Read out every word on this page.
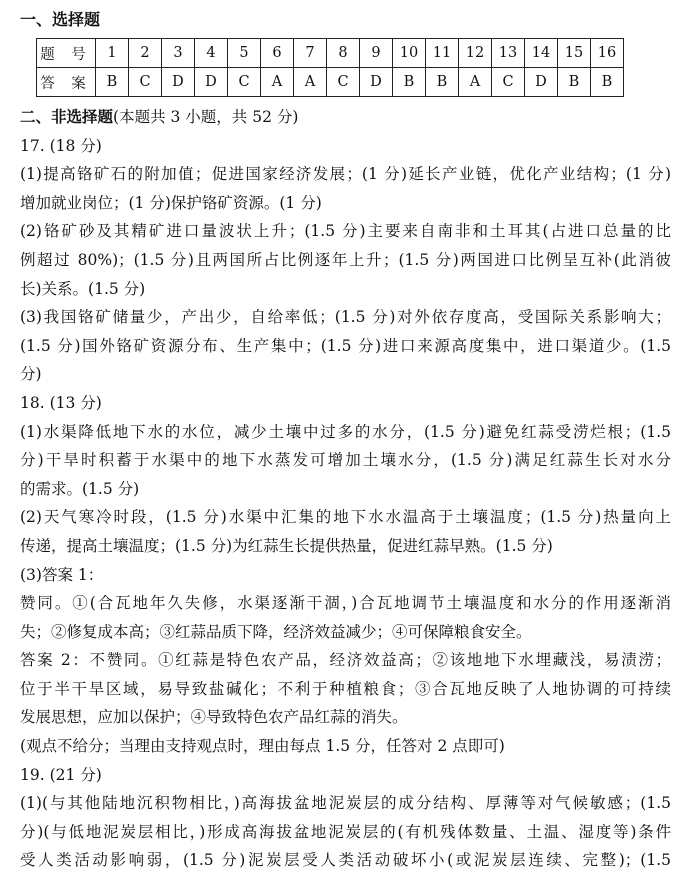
一、选择题
题 号	1	2	3	4	5	6	7	8	9	10	11	12	13	14	15	16
答 案	B	C	D	D	C	A	A	C	D	B	B	A	C	D	B	B
二、非选择题(本题共 3 小题，共 52 分)
17. (18 分)
(1)提高铬矿石的附加值；促进国家经济发展；(1 分)延长产业链，优化产业结构；(1 分)
增加就业岗位；(1 分)保护铬矿资源。(1 分)
(2)铬矿砂及其精矿进口量波状上升；(1.5 分)主要来自南非和土耳其(占进口总量的比
例超过 80%)；(1.5 分)且两国所占比例逐年上升；(1.5 分)两国进口比例呈互补(此消彼
长)关系。(1.5 分)
(3)我国铬矿储量少，产出少，自给率低；(1.5 分)对外依存度高，受国际关系影响大；
(1.5 分)国外铬矿资源分布、生产集中；(1.5 分)进口来源高度集中，进口渠道少。(1.5
分)
18. (13 分)
(1)水渠降低地下水的水位，减少土壤中过多的水分，(1.5 分)避免红蒜受涝烂根；(1.5
分)干旱时积蓄于水渠中的地下水蒸发可增加土壤水分，(1.5 分)满足红蒜生长对水分
的需求。(1.5 分)
(2)天气寒冷时段，(1.5 分)水渠中汇集的地下水水温高于土壤温度；(1.5 分)热量向上
传递，提高土壤温度；(1.5 分)为红蒜生长提供热量，促进红蒜早熟。(1.5 分)
(3)答案 1：
赞同。①(合瓦地年久失修，水渠逐渐干涸，)合瓦地调节土壤温度和水分的作用逐渐消
失；②修复成本高；③红蒜品质下降，经济效益减少；④可保障粮食安全。
答案 2：不赞同。①红蒜是特色农产品，经济效益高；②该地地下水埋藏浅，易渍涝；
位于半干旱区域，易导致盐碱化；不利于种植粮食；③合瓦地反映了人地协调的可持续
发展思想，应加以保护；④导致特色农产品红蒜的消失。
(观点不给分；当理由支持观点时，理由每点 1.5 分，任答对 2 点即可)
19. (21 分)
(1)(与其他陆地沉积物相比，)高海拔盆地泥炭层的成分结构、厚薄等对气候敏感；(1.5
分)(与低地泥炭层相比，)形成高海拔盆地泥炭层的(有机残体数量、土温、湿度等)条件
受人类活动影响弱，(1.5 分)泥炭层受人类活动破坏小(或泥炭层连续、完整)；(1.5
